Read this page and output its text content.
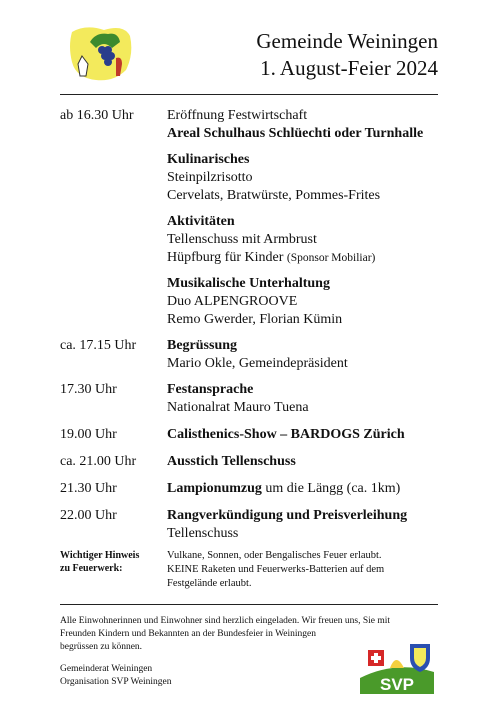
Gemeinde Weiningen
1. August-Feier 2024
ab 16.30 Uhr Eröffnung Festwirtschaft
Areal Schulhaus Schlüechti oder Turnhalle
Kulinarisches
Steinpilzrisotto
Cervelats, Bratwürste, Pommes-Frites
Aktivitäten
Tellenschuss mit Armbrust
Hüpfburg für Kinder (Sponsor Mobiliar)
Musikalische Unterhaltung
Duo ALPENGROOVE
Remo Gwerder, Florian Kümin
ca. 17.15 Uhr Begrüssung
Mario Okle, Gemeindepräsident
17.30 Uhr	Festansprache
Nationalrat Mauro Tuena
19.00 Uhr	Calisthenics-Show – BARDOGS Zürich
ca. 21.00 Uhr Ausstich Tellenschuss
21.30 Uhr	Lampionumzug um die Längg (ca. 1km)
22.00 Uhr	Rangverkündigung und Preisverleihung
Tellenschuss
Wichtiger Hinweis
zu Feuerwerk:
Vulkane, Sonnen, oder Bengalisches Feuer erlaubt.
KEINE Raketen und Feuerwerks-Batterien auf dem
Festgelände erlaubt.
Alle Einwohnerinnen und Einwohner sind herzlich eingeladen. Wir freuen uns, Sie mit
Freunden Kindern und Bekannten an der Bundesfeier in Weiningen
begrüssen zu können.
Gemeinderat Weiningen
Organisation SVP Weiningen	SVP
